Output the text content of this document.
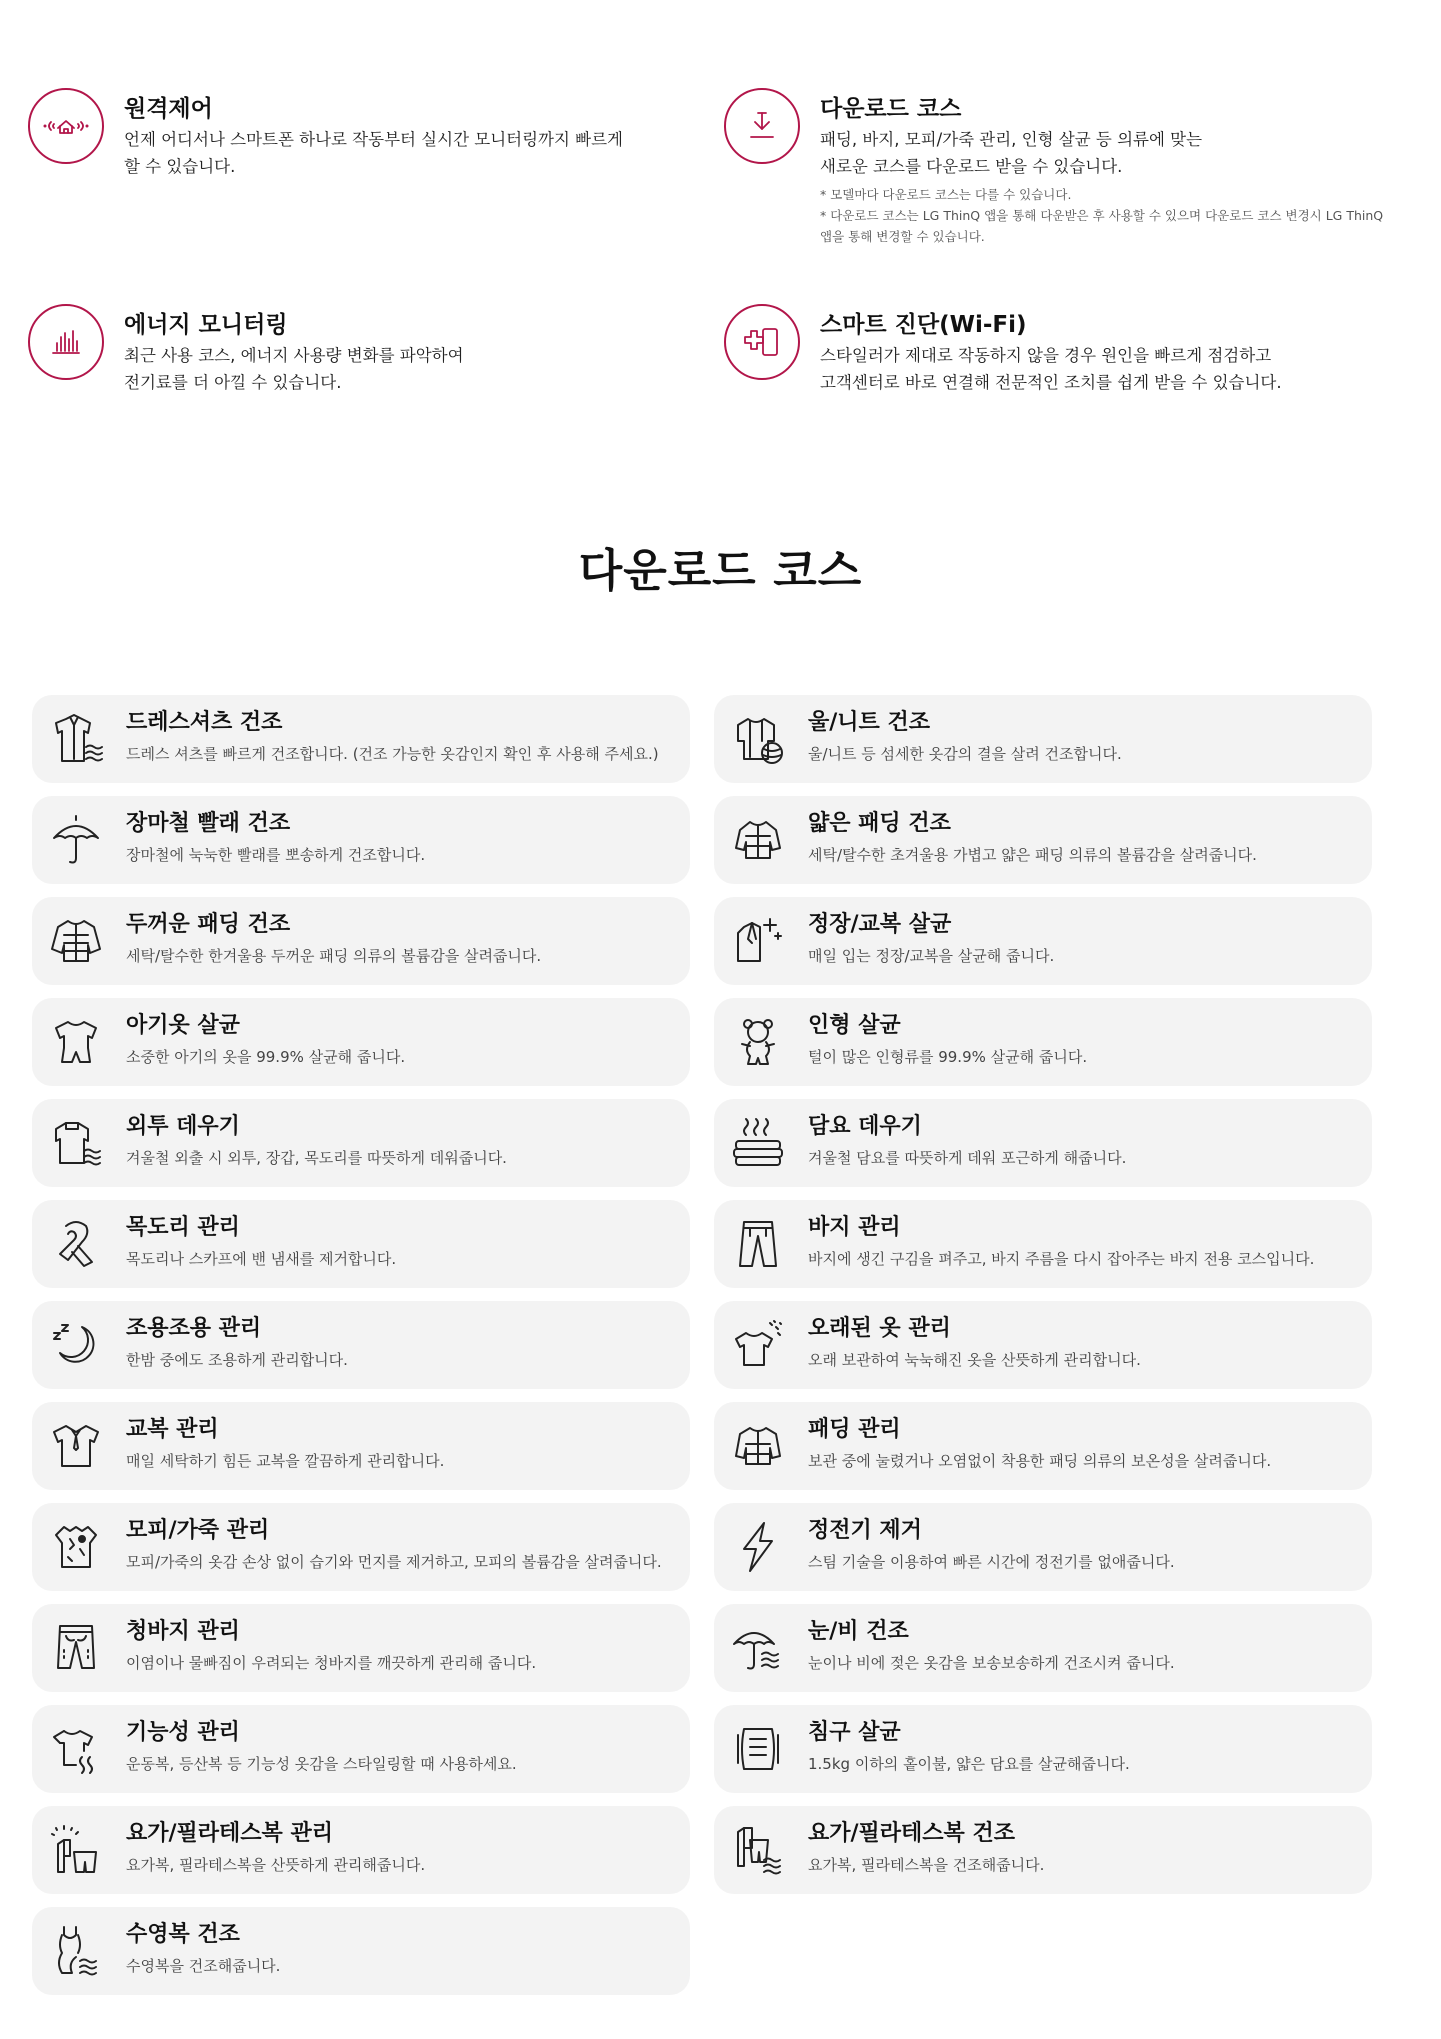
원격제어
언제 어디서나 스마트폰 하나로 작동부터 실시간 모니터링까지 빠르게
할 수 있습니다.
다운로드 코스
패딩, 바지, 모피/가죽 관리, 인형 살균 등 의류에 맞는
새로운 코스를 다운로드 받을 수 있습니다.
* 모델마다 다운로드 코스는 다를 수 있습니다.
* 다운로드 코스는 LG ThinQ 앱을 통해 다운받은 후 사용할 수 있으며 다운로드 코스 변경시 LG ThinQ
앱을 통해 변경할 수 있습니다.
에너지 모니터링
최근 사용 코스, 에너지 사용량 변화를 파악하여
전기료를 더 아낄 수 있습니다.
스마트 진단(Wi-Fi)
스타일러가 제대로 작동하지 않을 경우 원인을 빠르게 점검하고
고객센터로 바로 연결해 전문적인 조치를 쉽게 받을 수 있습니다.
다운로드 코스
드레스셔츠 건조
드레스 셔츠를 빠르게 건조합니다. (건조 가능한 옷감인지 확인 후 사용해 주세요.)
울/니트 건조
울/니트 등 섬세한 옷감의 결을 살려 건조합니다.
장마철 빨래 건조
장마철에 눅눅한 빨래를 뽀송하게 건조합니다.
얇은 패딩 건조
세탁/탈수한 초겨울용 가볍고 얇은 패딩 의류의 볼륨감을 살려줍니다.
두꺼운 패딩 건조
세탁/탈수한 한겨울용 두꺼운 패딩 의류의 볼륨감을 살려줍니다.
정장/교복 살균
매일 입는 정장/교복을 살균해 줍니다.
아기옷 살균
소중한 아기의 옷을 99.9% 살균해 줍니다.
인형 살균
털이 많은 인형류를 99.9% 살균해 줍니다.
외투 데우기
겨울철 외출 시 외투, 장갑, 목도리를 따뜻하게 데워줍니다.
담요 데우기
겨울철 담요를 따뜻하게 데워 포근하게 해줍니다.
목도리 관리
목도리나 스카프에 밴 냄새를 제거합니다.
바지 관리
바지에 생긴 구김을 펴주고, 바지 주름을 다시 잡아주는 바지 전용 코스입니다.
조용조용 관리
한밤 중에도 조용하게 관리합니다.
오래된 옷 관리
오래 보관하여 눅눅해진 옷을 산뜻하게 관리합니다.
교복 관리
매일 세탁하기 힘든 교복을 깔끔하게 관리합니다.
패딩 관리
보관 중에 눌렸거나 오염없이 착용한 패딩 의류의 보온성을 살려줍니다.
모피/가죽 관리
모피/가죽의 옷감 손상 없이 습기와 먼지를 제거하고, 모피의 볼륨감을 살려줍니다.
정전기 제거
스팀 기술을 이용하여 빠른 시간에 정전기를 없애줍니다.
청바지 관리
이염이나 물빠짐이 우려되는 청바지를 깨끗하게 관리해 줍니다.
눈/비 건조
눈이나 비에 젖은 옷감을 보송보송하게 건조시켜 줍니다.
기능성 관리
운동복, 등산복 등 기능성 옷감을 스타일링할 때 사용하세요.
침구 살균
1.5kg 이하의 홑이불, 얇은 담요를 살균해줍니다.
요가/필라테스복 관리
요가복, 필라테스복을 산뜻하게 관리해줍니다.
요가/필라테스복 건조
요가복, 필라테스복을 건조해줍니다.
수영복 건조
수영복을 건조해줍니다.
